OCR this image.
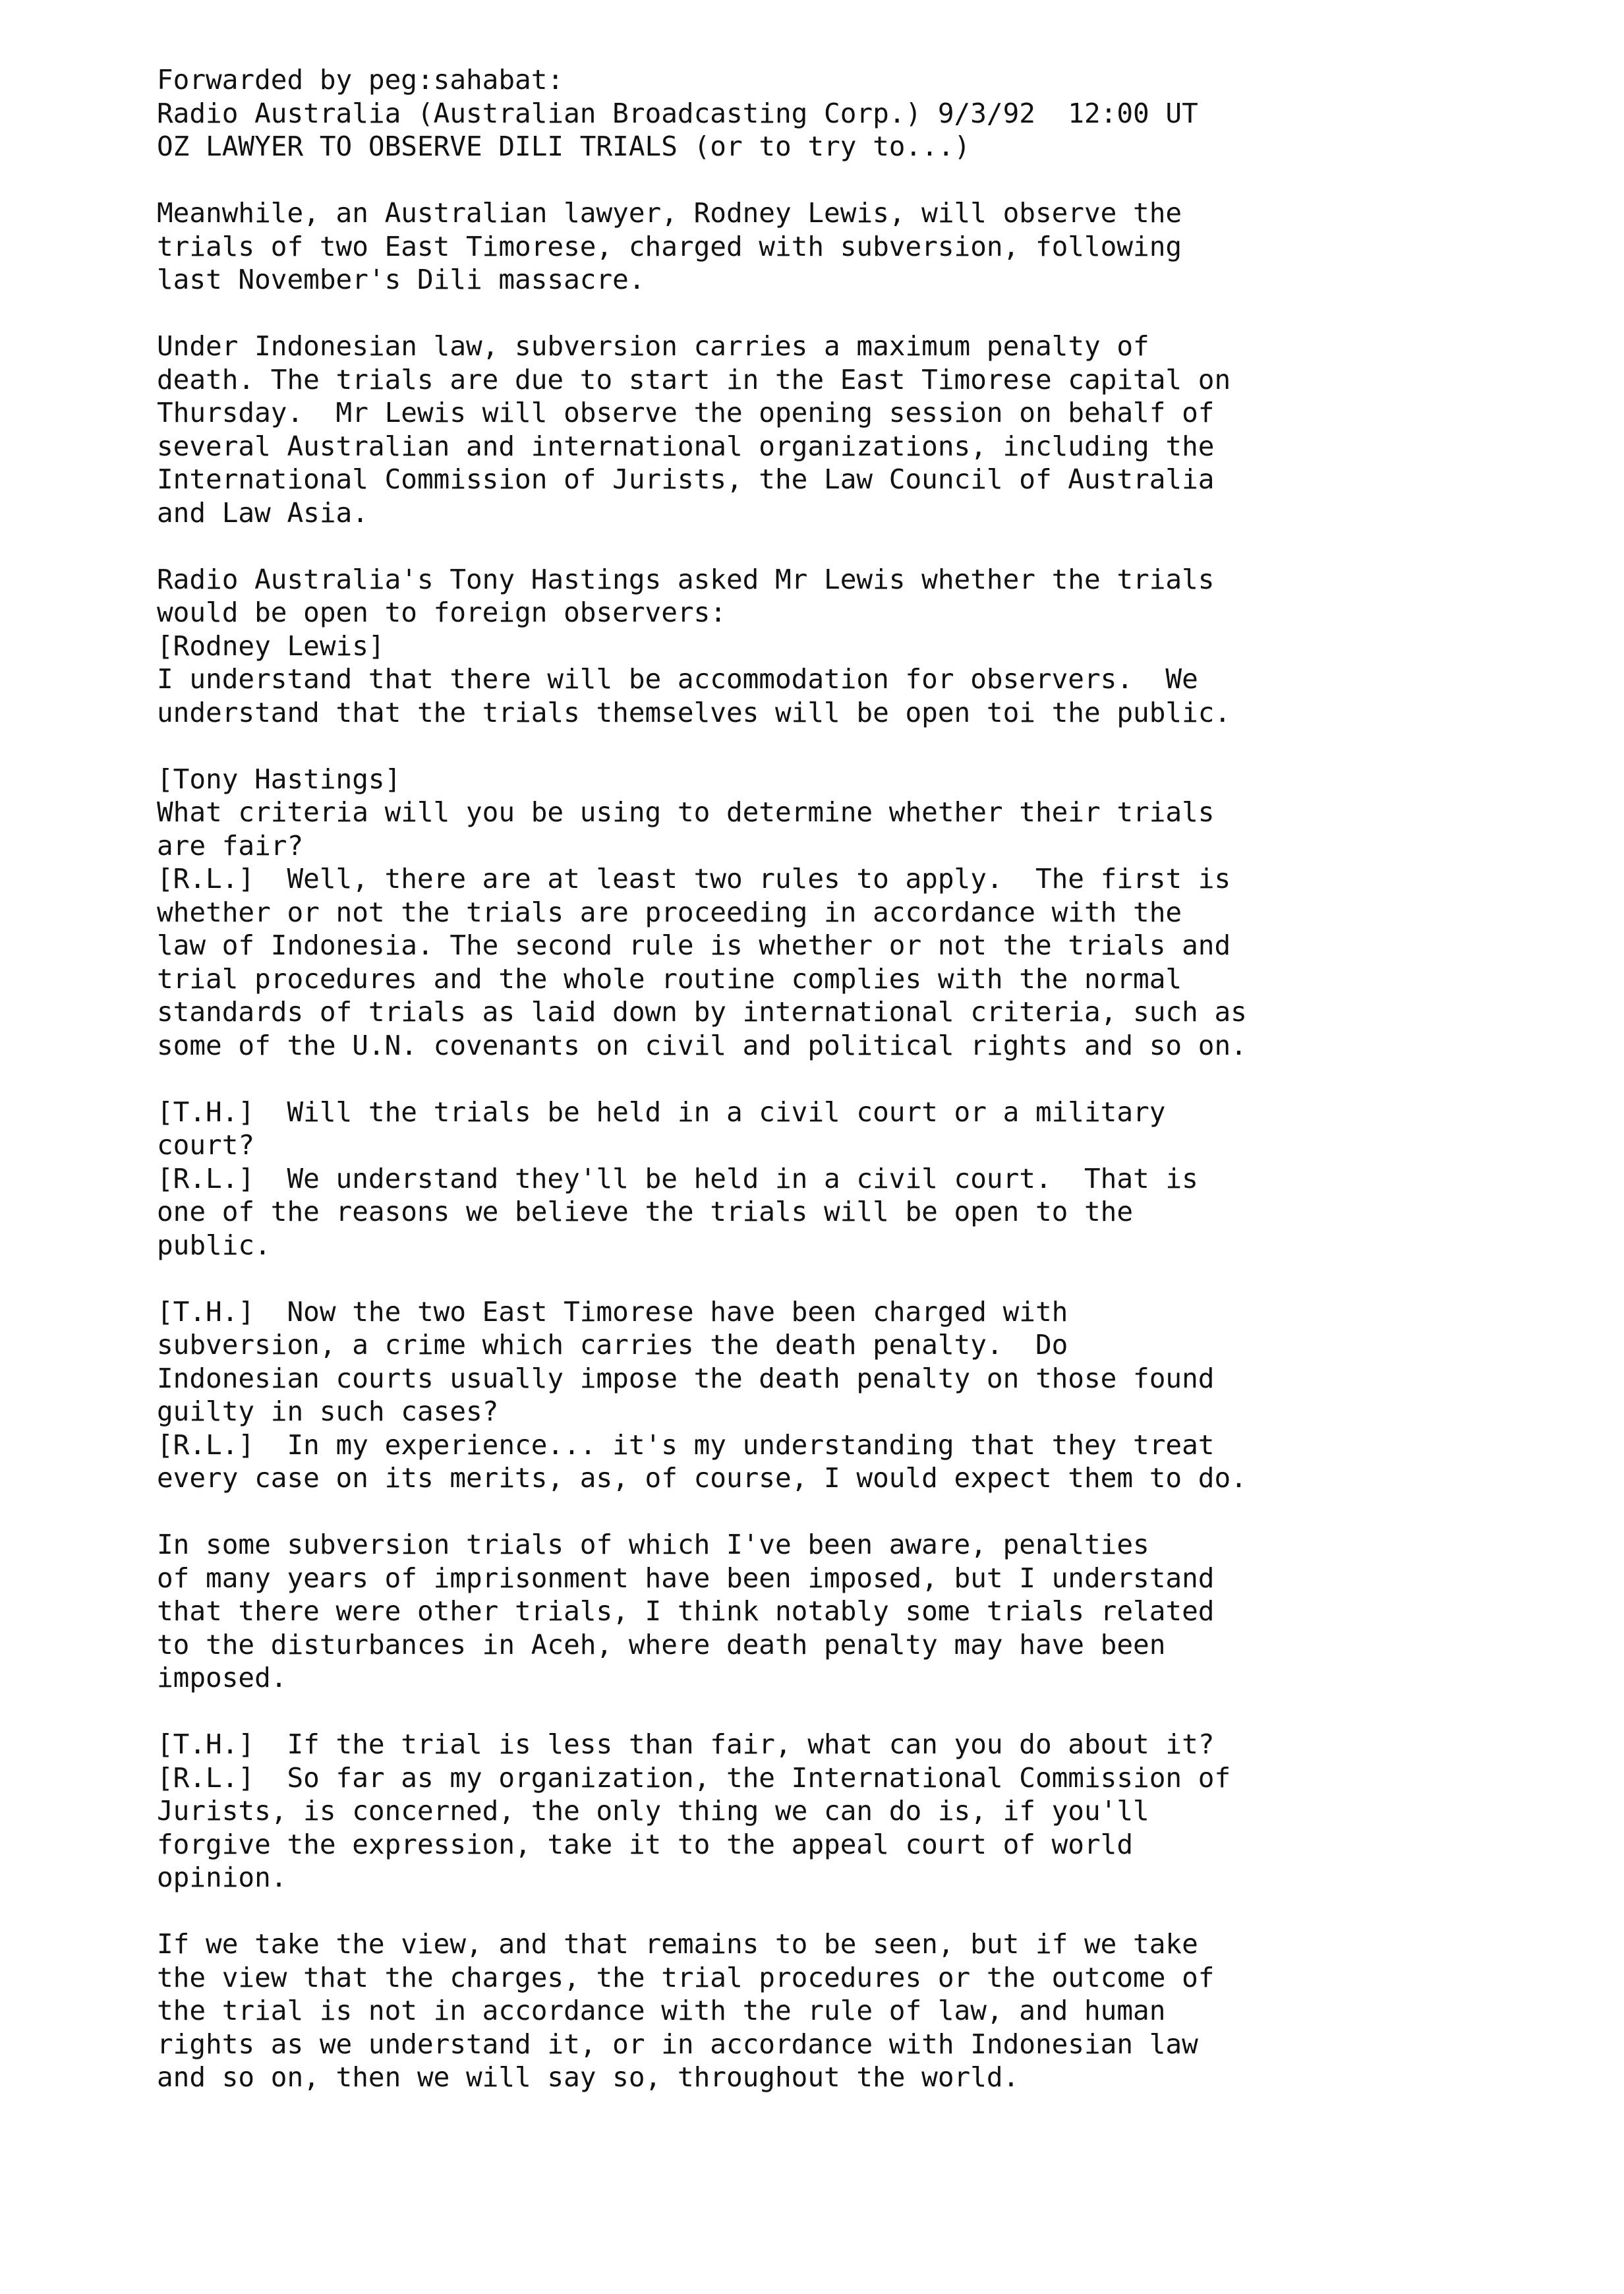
Forwarded by peg:sahabat:
Radio Australia (Australian Broadcasting Corp.) 9/3/92  12:00 UT
OZ LAWYER TO OBSERVE DILI TRIALS (or to try to...)
Meanwhile, an Australian lawyer, Rodney Lewis, will observe the
trials of two East Timorese, charged with subversion, following
last November's Dili massacre.
Under Indonesian law, subversion carries a maximum penalty of
death. The trials are due to start in the East Timorese capital on
Thursday.  Mr Lewis will observe the opening session on behalf of
several Australian and international organizations, including the
International Commission of Jurists, the Law Council of Australia
and Law Asia.
Radio Australia's Tony Hastings asked Mr Lewis whether the trials
would be open to foreign observers:
[Rodney Lewis]
I understand that there will be accommodation for observers.  We
understand that the trials themselves will be open toi the public.
[Tony Hastings]
What criteria will you be using to determine whether their trials
are fair?
[R.L.]  Well, there are at least two rules to apply.  The first is
whether or not the trials are proceeding in accordance with the
law of Indonesia. The second rule is whether or not the trials and
trial procedures and the whole routine complies with the normal
standards of trials as laid down by international criteria, such as
some of the U.N. covenants on civil and political rights and so on.
[T.H.]  Will the trials be held in a civil court or a military
court?
[R.L.]  We understand they'll be held in a civil court.  That is
one of the reasons we believe the trials will be open to the
public.
[T.H.]  Now the two East Timorese have been charged with
subversion, a crime which carries the death penalty.  Do
Indonesian courts usually impose the death penalty on those found
guilty in such cases?
[R.L.]  In my experience... it's my understanding that they treat
every case on its merits, as, of course, I would expect them to do.
In some subversion trials of which I've been aware, penalties
of many years of imprisonment have been imposed, but I understand
that there were other trials, I think notably some trials related
to the disturbances in Aceh, where death penalty may have been
imposed.
[T.H.]  If the trial is less than fair, what can you do about it?
[R.L.]  So far as my organization, the International Commission of
Jurists, is concerned, the only thing we can do is, if you'll
forgive the expression, take it to the appeal court of world
opinion.
If we take the view, and that remains to be seen, but if we take
the view that the charges, the trial procedures or the outcome of
the trial is not in accordance with the rule of law, and human
rights as we understand it, or in accordance with Indonesian law
and so on, then we will say so, throughout the world.
